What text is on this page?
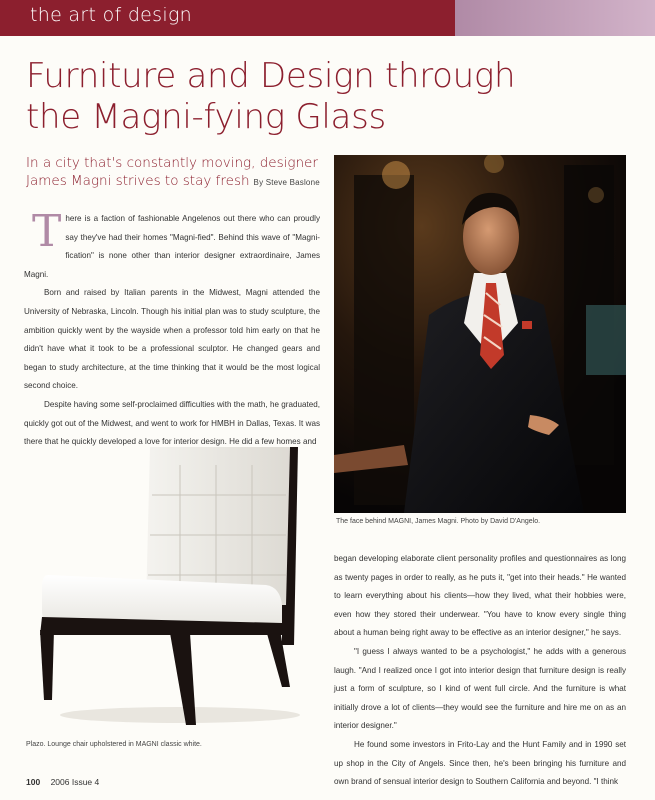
the art of design
Furniture and Design through
the Magni-fying Glass
In a city that's constantly moving, designer
James Magni strives to stay fresh By Steve Baslone

There is a faction of fashionable Angelenos out there who can proudly say they've had their homes "Magni-fied". Behind this wave of "Magni-fication" is none other than interior designer extraordinaire, James Magni.

Born and raised by Italian parents in the Midwest, Magni attended the University of Nebraska, Lincoln. Though his initial plan was to study sculpture, the ambition quickly went by the wayside when a professor told him early on that he didn't have what it took to be a professional sculptor. He changed gears and began to study architecture, at the time thinking that it would be the most logical second choice.

Despite having some self-proclaimed difficulties with the math, he graduated, quickly got out of the Midwest, and went to work for HMBH in Dallas, Texas. It was there that he quickly developed a love for interior design. He did a few homes and

The face behind MAGNI, James Magni. Photo by David D'Angelo.
Plazo. Lounge chair upholstered in MAGNI classic white.

began developing elaborate client personality profiles and questionnaires as long as twenty pages in order to really, as he puts it, "get into their heads." He wanted to learn everything about his clients—how they lived, what their hobbies were, even how they stored their underwear. "You have to know every single thing about a human being right away to be effective as an interior designer," he says.

"I guess I always wanted to be a psychologist," he adds with a generous laugh. "And I realized once I got into interior design that furniture design is really just a form of sculpture, so I kind of went full circle. And the furniture is what initially drove a lot of clients—they would see the furniture and hire me on as an interior designer."

He found some investors in Frito-Lay and the Hunt Family and in 1990 set up shop in the City of Angels. Since then, he's been bringing his furniture and own brand of sensual interior design to Southern California and beyond. "I think

100 2006 Issue 4
